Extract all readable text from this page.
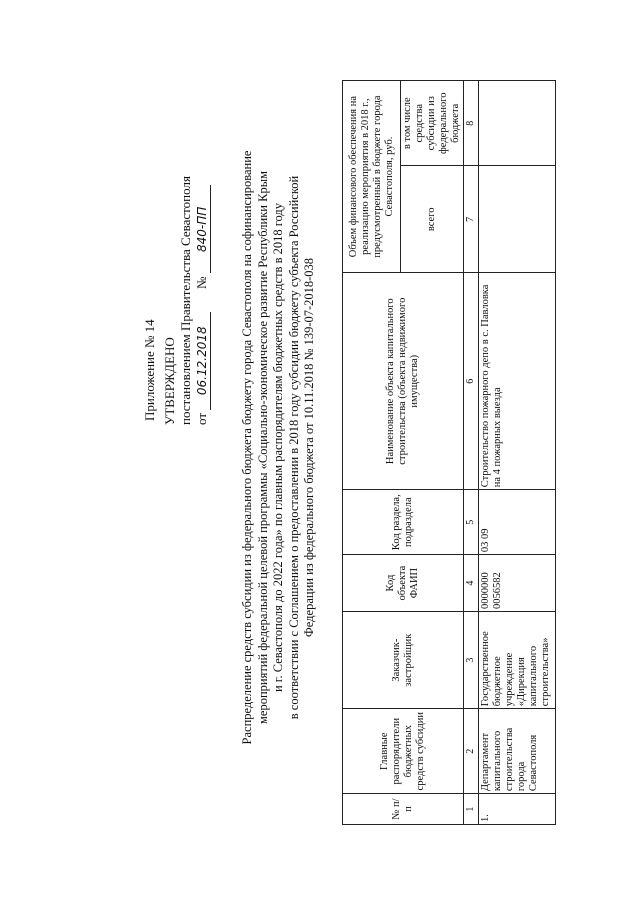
Приложение № 14 УТВЕРЖДЕНО постановлением Правительства Севастополя от 06.12.2018       № 840-ПП Распределение средств субсидии из федерального бюджета бюджету города Севастополя на софинансирование мероприятий федеральной целевой программы «Социально-экономическое развитие Республики Крым и г. Севастополя до 2022 года» по главным распорядителям бюджетных средств в 2018 году в соответствии с Соглашением о предоставлении в 2018 году субсидии бюджету субъекта Российской Федерации из федерального бюджета от 10.11.2018 № 139-07-2018-038
№ п/п	Главные распорядители бюджетных средств субсидии	Заказчик-застройщик	Код объекта ФАИП	Код раздела, подраздела	Наименование объекта капитального строительства (объекта недвижимого имущества)	Объем финансового обеспечения на реализацию мероприятия в 2018 г., предусмотренный в бюджете города Севастополя, руб.	
						всего	в том числе средства субсидии из федерального бюджета
1	2	3	4	5	6	7	8
1.	Департамент капитального строительства города Севастополя	Государственное бюджетное учреждение «Дирекция капитального строительства»	0000000 0056582	03 09	Строительство пожарного депо в с. Павловка на 4 пожарных выезда		
